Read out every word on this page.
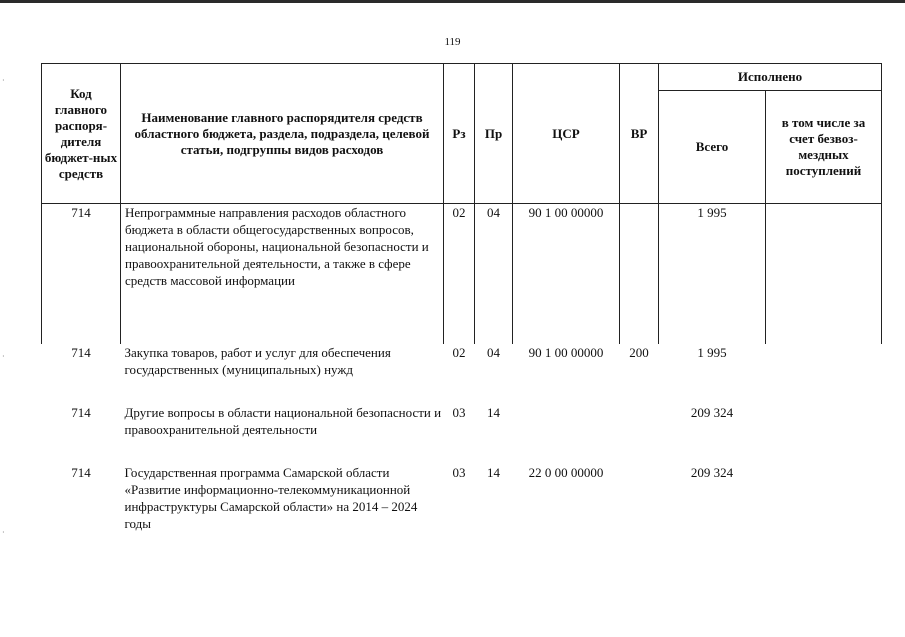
119
·
·
·
Код главного распоря-дителя бюджет-ных средств	Наименование главного распорядителя средств областного бюджета, раздела, подраздела, целевой статьи, подгруппы видов расходов	Рз	Пр	ЦСР	ВР	Исполнено	
						Всего	в том числе за счет безвоз-мездных поступлений
714	Непрограммные направления расходов областного бюджета в области общегосударственных вопросов, национальной обороны, национальной безопасности и правоохранительной деятельности, а также в сфере средств массовой информации	02	04	90 1 00 00000		1 995	
714	Закупка товаров, работ и услуг для обеспечения государственных (муниципальных) нужд	02	04	90 1 00 00000	200	1 995	
714	Другие вопросы в области национальной безопасности и правоохранительной деятельности	03	14			209 324	
714	Государственная программа Самарской области «Развитие информационно-телекоммуникационной инфраструктуры Самарской области» на 2014 – 2024 годы	03	14	22 0 00 00000		209 324	
